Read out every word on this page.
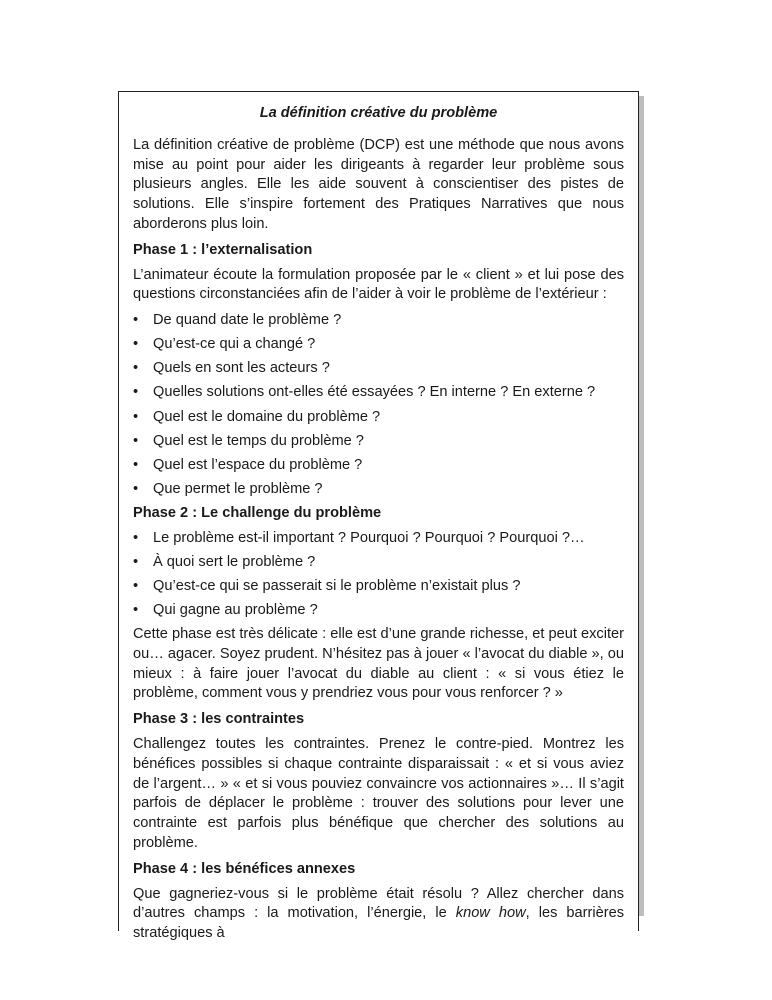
La définition créative du problème

La définition créative de problème (DCP) est une méthode que nous avons mise au point pour aider les dirigeants à regarder leur problème sous plusieurs angles. Elle les aide souvent à conscientiser des pistes de solutions. Elle s’inspire fortement des Pratiques Narratives que nous aborderons plus loin.

Phase 1 : l’externalisation

L’animateur écoute la formulation proposée par le « client » et lui pose des questions circonstanciées afin de l’aider à voir le problème de l’extérieur :

• De quand date le problème ?
• Qu’est-ce qui a changé ?
• Quels en sont les acteurs ?
• Quelles solutions ont-elles été essayées ? En interne ? En externe ?
• Quel est le domaine du problème ?
• Quel est le temps du problème ?
• Quel est l’espace du problème ?
• Que permet le problème ?
Phase 2 : Le challenge du problème
• Le problème est-il important ? Pourquoi ? Pourquoi ? Pourquoi ?…
• À quoi sert le problème ?
• Qu’est-ce qui se passerait si le problème n’existait plus ?
• Qui gagne au problème ?

Cette phase est très délicate : elle est d’une grande richesse, et peut exciter ou… agacer. Soyez prudent. N’hésitez pas à jouer « l’avocat du diable », ou mieux : à faire jouer l’avocat du diable au client : « si vous étiez le problème, comment vous y prendriez vous pour vous renforcer ? »

Phase 3 : les contraintes

Challengez toutes les contraintes. Prenez le contre-pied. Montrez les bénéfices possibles si chaque contrainte disparaissait : « et si vous aviez de l’argent… » « et si vous pouviez convaincre vos actionnaires »… Il s’agit parfois de déplacer le problème : trouver des solutions pour lever une contrainte est parfois plus bénéfique que chercher des solutions au problème.

Phase 4 : les bénéfices annexes

Que gagneriez-vous si le problème était résolu ? Allez chercher dans d’autres champs : la motivation, l’énergie, le know how, les barrières stratégiques à
